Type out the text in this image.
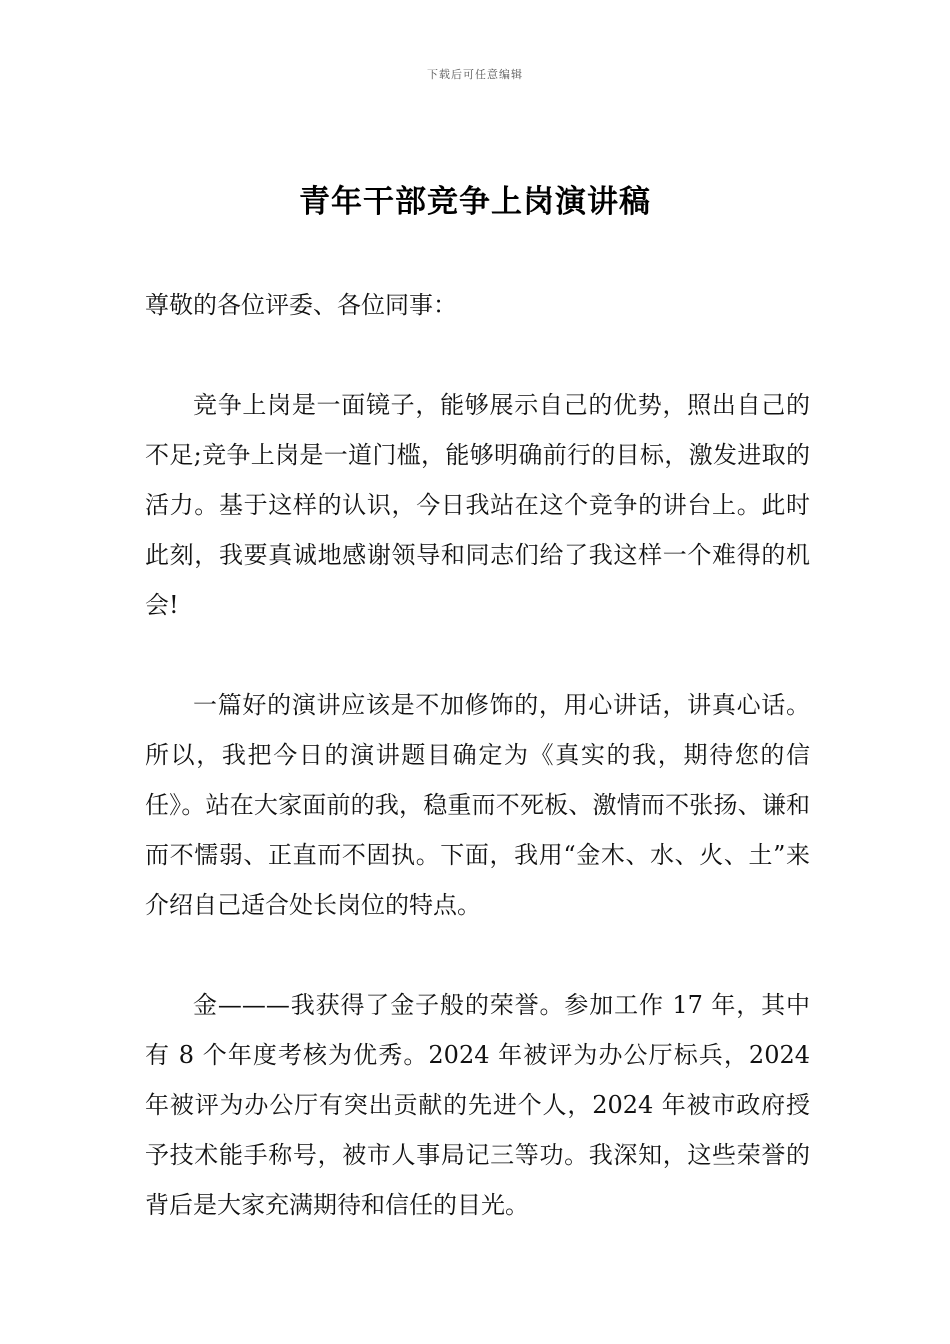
下载后可任意编辑
青年干部竞争上岗演讲稿

尊敬的各位评委、各位同事：

竞争上岗是一面镜子，能够展示自己的优势，照出自己的不足;竞争上岗是一道门槛，能够明确前行的目标，激发进取的活力。基于这样的认识，今日我站在这个竞争的讲台上。此时此刻，我要真诚地感谢领导和同志们给了我这样一个难得的机会!

一篇好的演讲应该是不加修饰的，用心讲话，讲真心话。所以，我把今日的演讲题目确定为《真实的我，期待您的信任》。站在大家面前的我，稳重而不死板、激情而不张扬、谦和而不懦弱、正直而不固执。下面，我用“金木、水、火、土”来介绍自己适合处长岗位的特点。

金———我获得了金子般的荣誉。参加工作 17 年，其中有 8 个年度考核为优秀。2024 年被评为办公厅标兵，2024 年被评为办公厅有突出贡献的先进个人，2024 年被市政府授予技术能手称号，被市人事局记三等功。我深知，这些荣誉的背后是大家充满期待和信任的目光。
